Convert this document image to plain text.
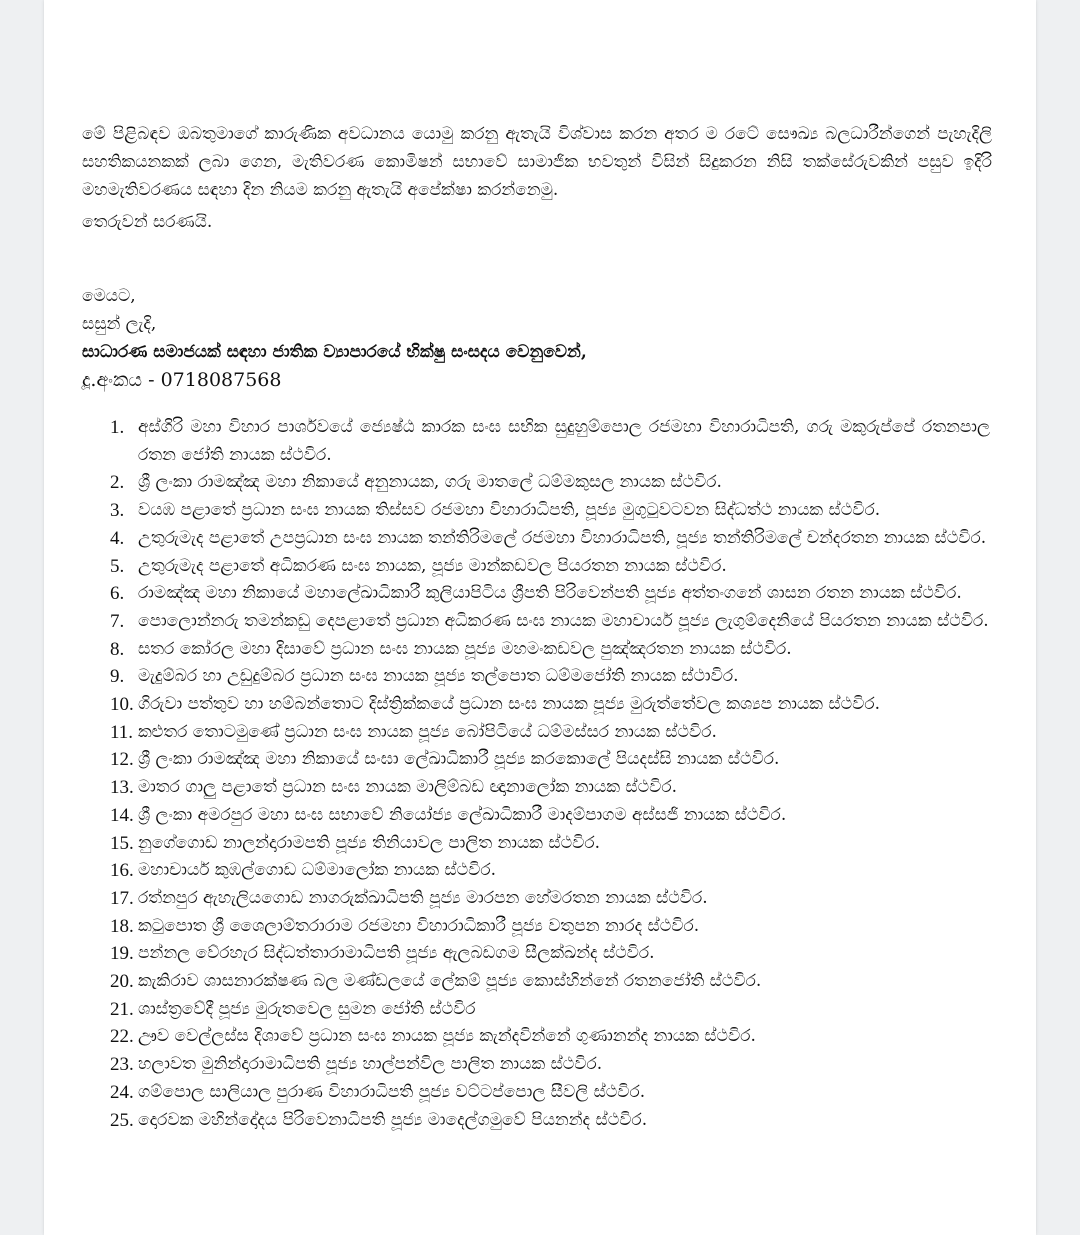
මේ පිළිබඳව ඔබතුමාගේ කාරුණික අවධානය යොමු කරනු ඇතැයි විශ්වාස කරන අතර ම රටේ සෞඛ්‍ය බලධාරීන්ගෙන් පැහැදිලි සහතිකයනකක් ලබා ගෙන, මැතිවරණ කොමිෂන් සභාවේ සාමාජික භවතුන් විසින් සිදුකරන නිසි තක්සේරුවකින් පසුව ඉදිරි මහමැතිවරණය සඳහා දින නියම කරනු ඇතැයි අපේක්ෂා කරන්නෙමු.

තෙරුවන් සරණයි.
මෙයට,
සසුන් ලැදි,
සාධාරණ සමාජයක් සඳහා ජාතික ව්‍යාපාරයේ භික්ෂු සංසදය වෙනුවෙන්,
දූ.අංකය - 0718087568
1. අස්ගිරි මහා විහාර පාර්ශවයේ ජ්‍යෙෂ්ඨ කාරක සංඝ සභික සුදුහුම්පොල රජමහා විහාරාධිපති, ගරු මකුරුප්පේ රතනපාල රතන ජෝති නායක ස්ථවිර.
2. ශ්‍රී ලංකා රාමඤ්ඤ මහා නිකායේ අනුනායක, ගරු මාතලේ ධම්මකුසල නායක ස්ථවිර.
3. වයඹ පළාතේ ප්‍රධාන සංඝ නායක තිස්සව රජමහා විහාරාධිපති, පූජ්‍ය මුගුටුවටවන සිද්ධත්ථ නායක ස්ථවිර.
4. උතුරුමැද පළාතේ උපප්‍රධාන සංඝ නායක තන්තිරිමලේ රජමහා විහාරාධිපති, පූජ්‍ය තන්තිරිමලේ චන්දරතන නායක ස්ථවිර.
5. උතුරුමැද පළාතේ අධිකරණ සංඝ නායක, පූජ්‍ය මාන්කඩවල පියරතන නායක ස්ථවිර.
6. රාමඤ්ඤ මහා නිකායේ මහාලේඛාධිකාරී කුලියාපිටිය ශ්‍රීපති පිරිවෙන්පති පූජ්‍ය අත්තංගනේ ශාසන රතන නායක ස්ථවිර.
7. පොලොන්නරු තමන්කඩු දෙපළාතේ ප්‍රධාන අධිකරණ සංඝ නායක මහාචාර්ය පූජ්‍ය ලැගුම්දෙනියේ පියරතන නායක ස්ථවිර.
8. සතර කෝරල මහා දිසාවේ ප්‍රධාන සංඝ නායක පූජ්‍ය මහමංකඩවල පුඤ්ඤරතන නායක ස්ථවිර.
9. මැදුම්බර හා උඩුදුම්බර ප්‍රධාන සංඝ නායක පූජ්‍ය තල්පොත ධම්මජෝති නායක ස්ථාවිර.
10. ගිරුවා පත්තුව හා හම්බන්තොට දිස්ත්‍රික්කයේ ප්‍රධාන සංඝ නායක පූජ්‍ය මුරුත්තේවල කශ්‍යප නායක ස්ථවිර.
11. කළුතර තොටමුණේ ප්‍රධාන සංඝ නායක පූජ්‍ය බෝපිටියේ ධම්මස්සර නායක ස්ථවිර.
12. ශ්‍රී ලංකා රාමඤ්ඤ මහා නිකායේ සංඝා ලේඛාධිකාරී පූජ්‍ය කරකොලේ පියදස්සි නායක ස්ථවිර.
13. මාතර ගාලු පළාතේ ප්‍රධාන සංඝ නායක මාලිම්බඩ ඥානාලෝක නායක ස්ථවිර.
14. ශ්‍රී ලංකා අමරපුර මහා සංඝ සභාවේ නියෝජ්‍ය ලේඛාධිකාරී මාදම්පාගම අස්සජි නායක ස්ථවිර.
15. නුගේගොඩ නාලන්දාරාමපති පූජ්‍ය තිනියාවල පාලිත නායක ස්ථවිර.
16. මහාචාර්ය කුඹල්ගොඩ ධම්මාලෝක නායක ස්ථවිර.
17. රත්නපුර ඇහැලියගොඩ නාගරුක්ඛාධිපති පූජ්‍ය මාරපන හේමරතන නායක ස්ථවිර.
18. කටුපොත ශ්‍රී ශෛලාම්තරාරාම රජමහා විහාරාධිකාරී පූජ්‍ය වතුපන නාරද ස්ථවිර.
19. පන්නල වේරහැර සිද්ධත්තාරාමාධිපති පූජ්‍ය ඇලබඩගම සීලක්ඛන්ද ස්ථවිර.
20. කැකිරාව ශාසනාරක්ෂණ බල මණ්ඩලයේ ලේකම් පූජ්‍ය කොස්හින්නේ රතනජෝති ස්ථවිර.
21. ශාස්ත්‍රවේදී පූජ්‍ය මුරුතවෙල සුමන ජෝති ස්ථවිර
22. ඌව වෙල්ලස්ස දිශාවේ ප්‍රධාන සංඝ නායක පූජ්‍ය කැන්දවින්නේ ගුණානන්ද නායක ස්ථවිර.
23. හලාවත මුනින්දාරාමාධිපති පූජ්‍ය හාල්පන්විල පාලිත නායක ස්ථවිර.
24. ගම්පොල සාලියාල පුරාණ විහාරාධිපති පූජ්‍ය වට්ටප්පොල සීවලි ස්ථවිර.
25. දොරවක මහින්දෝදය පිරිවෙනාධිපති පූජ්‍ය මාදෙල්ගමුවේ පියනන්ද ස්ථවිර.
